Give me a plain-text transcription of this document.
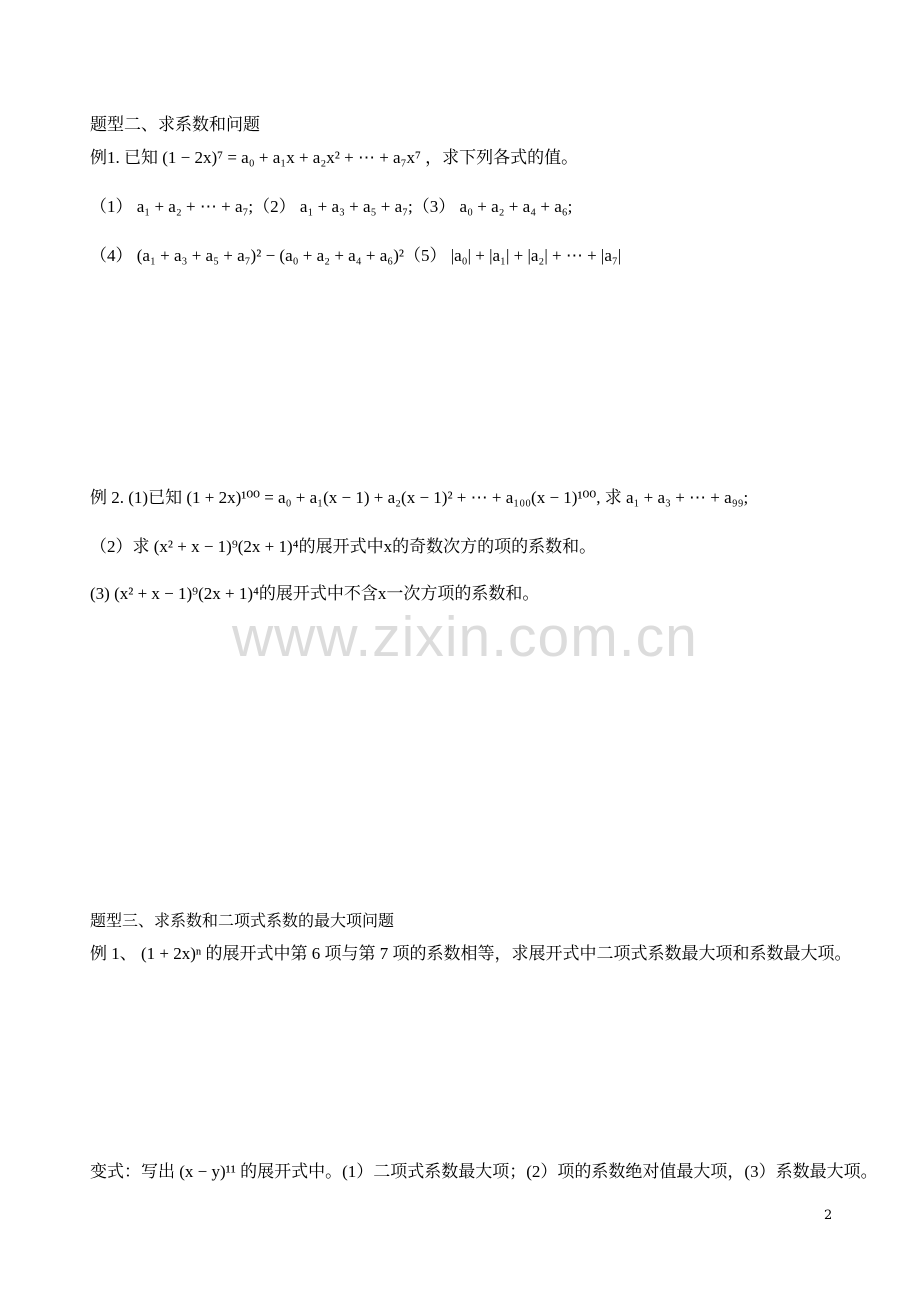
题型二、求系数和问题
例1. 已知 (1 − 2x)⁷ = a₀ + a₁x + a₂x² + ⋯ + a₇x⁷ ，求下列各式的值。
（1） a₁ + a₂ + ⋯ + a₇;（2） a₁ + a₃ + a₅ + a₇;（3） a₀ + a₂ + a₄ + a₆;
（4） (a₁ + a₃ + a₅ + a₇)² − (a₀ + a₂ + a₄ + a₆)²（5） |a₀| + |a₁| + |a₂| + ⋯ + |a₇|
例 2. (1)已知 (1 + 2x)¹⁰⁰ = a₀ + a₁(x − 1) + a₂(x − 1)² + ⋯ + a₁₀₀(x − 1)¹⁰⁰, 求 a₁ + a₃ + ⋯ + a₉₉;
（2）求 (x² + x − 1)⁹(2x + 1)⁴的展开式中x的奇数次方的项的系数和。
(3) (x² + x − 1)⁹(2x + 1)⁴的展开式中不含x一次方项的系数和。
www.zixin.com.cn
题型三、求系数和二项式系数的最大项问题
例 1、 (1 + 2x)ⁿ 的展开式中第 6 项与第 7 项的系数相等，求展开式中二项式系数最大项和系数最大项。
变式：写出 (x − y)¹¹ 的展开式中。(1）二项式系数最大项；(2）项的系数绝对值最大项，(3）系数最大项。
2
